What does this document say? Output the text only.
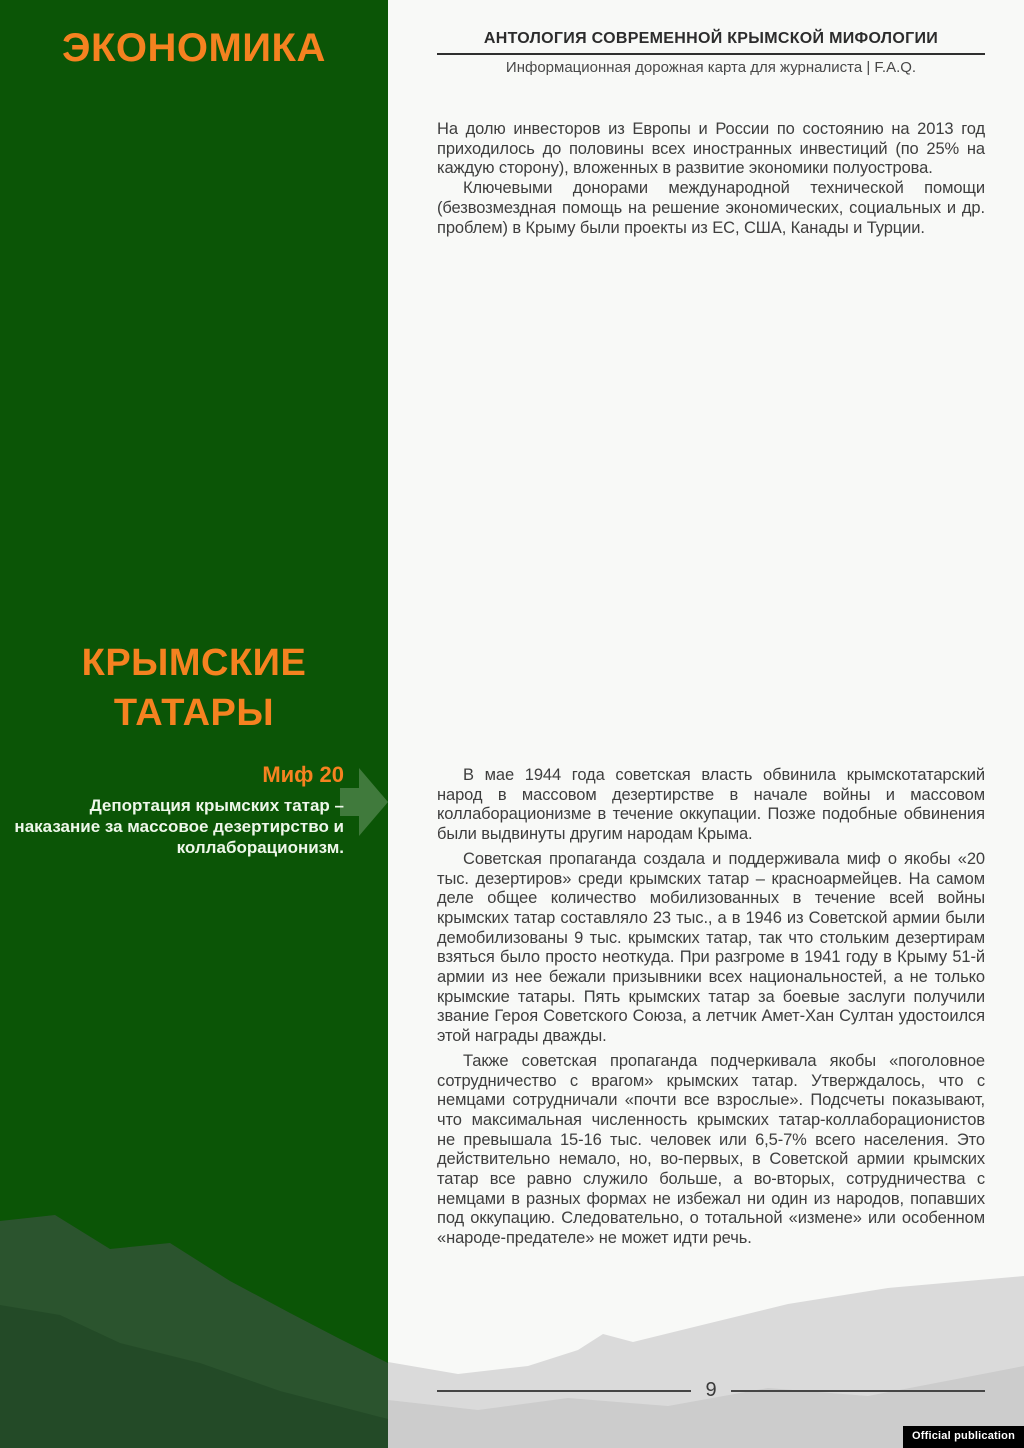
ЭКОНОМИКА
КРЫМСКИЕ ТАТАРЫ
Миф 20
Депортация крымских татар – наказание за массовое дезертирство и коллаборационизм.
АНТОЛОГИЯ СОВРЕМЕННОЙ КРЫМСКОЙ МИФОЛОГИИ
Информационная дорожная карта для журналиста | F.A.Q.

На долю инвесторов из Европы и России по состоянию на 2013 год приходилось до половины всех иностранных инвестиций (по 25% на каждую сторону), вложенных в развитие экономики полуострова.

Ключевыми донорами международной технической помощи (безвозмездная помощь на решение экономических, социальных и др. проблем) в Крыму были проекты из ЕС, США, Канады и Турции.

В мае 1944 года советская власть обвинила крымскотатарский народ в массовом дезертирстве в начале войны и массовом коллаборационизме в течение оккупации. Позже подобные обвинения были выдвинуты другим народам Крыма.

Советская пропаганда создала и поддерживала миф о якобы «20 тыс. дезертиров» среди крымских татар – красноармейцев. На самом деле общее количество мобилизованных в течение всей войны крымских татар составляло 23 тыс., а в 1946 из Советской армии были демобилизованы 9 тыс. крымских татар, так что стольким дезертирам взяться было просто неоткуда. При разгроме в 1941 году в Крыму 51-й армии из нее бежали призывники всех национальностей, а не только крымские татары. Пять крымских татар за боевые заслуги получили звание Героя Советского Союза, а летчик Амет-Хан Султан удостоился этой награды дважды.

Также советская пропаганда подчеркивала якобы «поголовное сотрудничество с врагом» крымских татар. Утверждалось, что с немцами сотрудничали «почти все взрослые». Подсчеты показывают, что максимальная численность крымских татар-коллаборационистов не превышала 15-16 тыс. человек или 6,5-7% всего населения. Это действительно немало, но, во-первых, в Советской армии крымских татар все равно служило больше, а во-вторых, сотрудничества с немцами в разных формах не избежал ни один из народов, попавших под оккупацию. Следовательно, о тотальной «измене» или особенном «народе-предателе» не может идти речь.

9
Official publication
